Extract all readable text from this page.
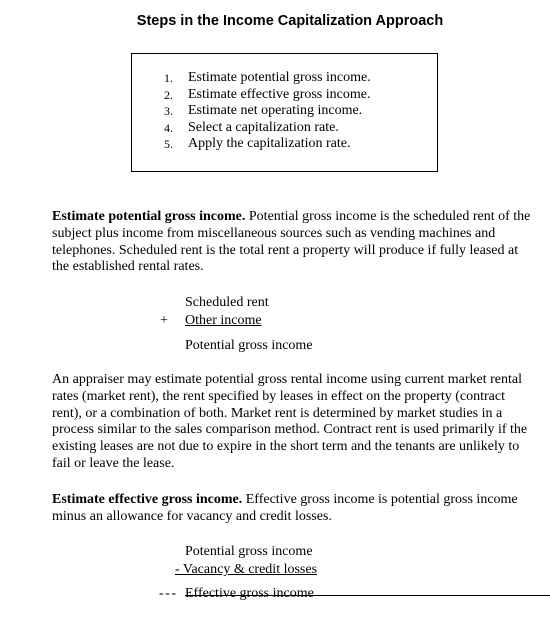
Steps in the Income Capitalization Approach
1.	Estimate potential gross income.
2.	Estimate effective gross income.
3.	Estimate net operating income.
4.	Select a capitalization rate.
5.	Apply the capitalization rate.

Estimate potential gross income. Potential gross income is the scheduled rent of the subject plus income from miscellaneous sources such as vending machines and telephones. Scheduled rent is the total rent a property will produce if fully leased at the established rental rates.

Scheduled rent
+ Other income
Potential gross income

An appraiser may estimate potential gross rental income using current market rental rates (market rent), the rent specified by leases in effect on the property (contract rent), or a combination of both. Market rent is determined by market studies in a process similar to the sales comparison method. Contract rent is used primarily if the existing leases are not due to expire in the short term and the tenants are unlikely to fail or leave the lease.

Estimate effective gross income. Effective gross income is potential gross income minus an allowance for vacancy and credit losses.

Potential gross income
- Vacancy & credit losses
- - - Effective gross income
